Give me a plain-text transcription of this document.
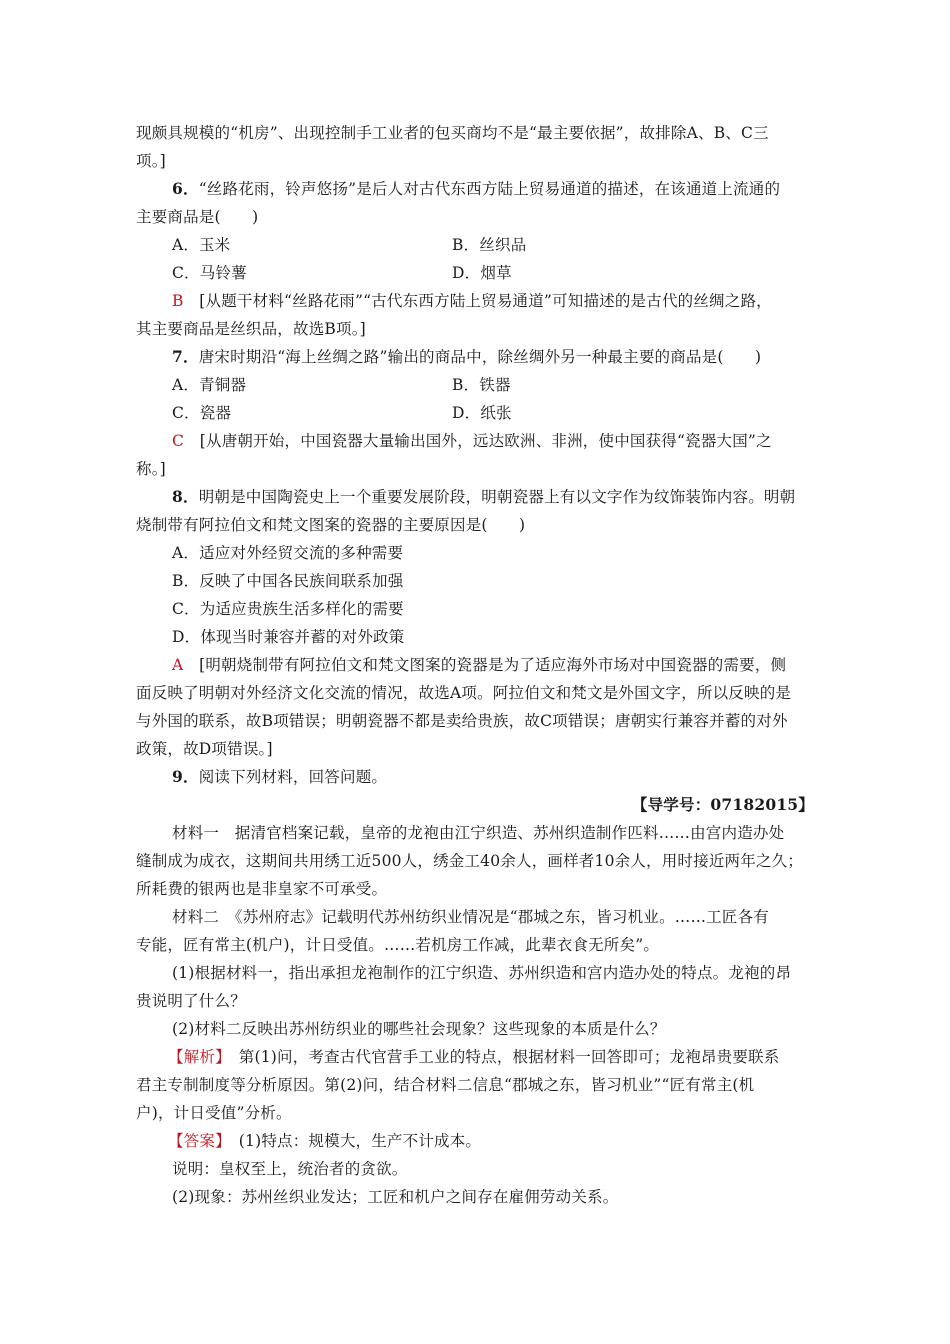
现颇具规模的“机房”、出现控制手工业者的包买商均不是“最主要依据”，故排除A、B、C三
项。]
6．“丝路花雨，铃声悠扬”是后人对古代东西方陆上贸易通道的描述，在该通道上流通的
主要商品是(　　)
A．玉米	B．丝织品
C．马铃薯	D．烟草
B　[从题干材料“丝路花雨”“古代东西方陆上贸易通道”可知描述的是古代的丝绸之路，
其主要商品是丝织品，故选B项。]
7．唐宋时期沿“海上丝绸之路”输出的商品中，除丝绸外另一种最主要的商品是(　　)
A．青铜器	B．铁器
C．瓷器	D．纸张
C　[从唐朝开始，中国瓷器大量输出国外，远达欧洲、非洲，使中国获得“瓷器大国”之
称。]
8．明朝是中国陶瓷史上一个重要发展阶段，明朝瓷器上有以文字作为纹饰装饰内容。明朝
烧制带有阿拉伯文和梵文图案的瓷器的主要原因是(　　)
A．适应对外经贸交流的多种需要
B．反映了中国各民族间联系加强
C．为适应贵族生活多样化的需要
D．体现当时兼容并蓄的对外政策
A　[明朝烧制带有阿拉伯文和梵文图案的瓷器是为了适应海外市场对中国瓷器的需要，侧
面反映了明朝对外经济文化交流的情况，故选A项。阿拉伯文和梵文是外国文字，所以反映的是
与外国的联系，故B项错误；明朝瓷器不都是卖给贵族，故C项错误；唐朝实行兼容并蓄的对外
政策，故D项错误。]
9．阅读下列材料，回答问题。
【导学号：07182015】
材料一　据清官档案记载，皇帝的龙袍由江宁织造、苏州织造制作匹料……由宫内造办处
缝制成为成衣，这期间共用绣工近500人，绣金工40余人，画样者10余人，用时接近两年之久；
所耗费的银两也是非皇家不可承受。
材料二　《苏州府志》记载明代苏州纺织业情况是“郡城之东，皆习机业。……工匠各有
专能，匠有常主(机户)，计日受值。……若机房工作减，此辈衣食无所矣”。
(1)根据材料一，指出承担龙袍制作的江宁织造、苏州织造和宫内造办处的特点。龙袍的昂
贵说明了什么？
(2)材料二反映出苏州纺织业的哪些社会现象？这些现象的本质是什么？
【解析】　第(1)问，考查古代官营手工业的特点，根据材料一回答即可；龙袍昂贵要联系
君主专制制度等分析原因。第(2)问，结合材料二信息“郡城之东，皆习机业”“匠有常主(机
户)，计日受值”分析。
【答案】　(1)特点：规模大，生产不计成本。
说明：皇权至上，统治者的贪欲。
(2)现象：苏州丝织业发达；工匠和机户之间存在雇佣劳动关系。
